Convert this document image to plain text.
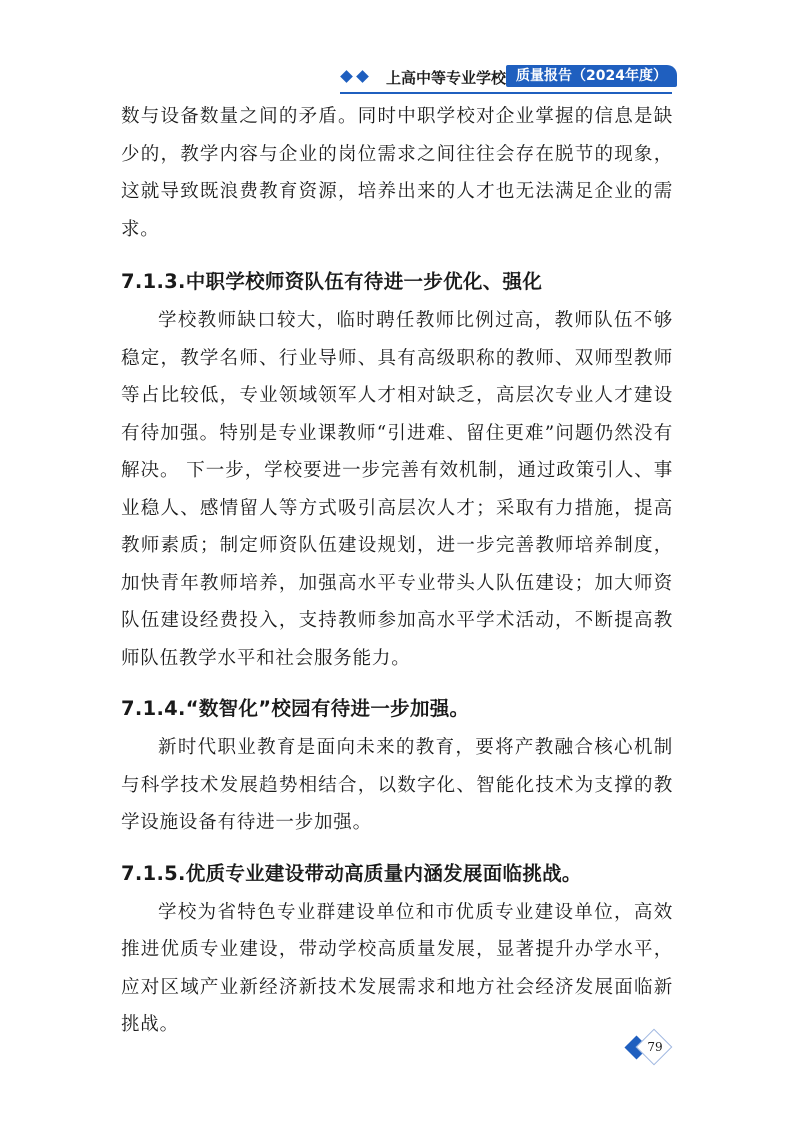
上高中等专业学校 质量报告（2024年度）

数与设备数量之间的矛盾。同时中职学校对企业掌握的信息是缺少的，教学内容与企业的岗位需求之间往往会存在脱节的现象，这就导致既浪费教育资源，培养出来的人才也无法满足企业的需求。

7.1.3.中职学校师资队伍有待进一步优化、强化

学校教师缺口较大，临时聘任教师比例过高，教师队伍不够稳定，教学名师、行业导师、具有高级职称的教师、双师型教师等占比较低，专业领域领军人才相对缺乏，高层次专业人才建设有待加强。特别是专业课教师“引进难、留住更难”问题仍然没有解决。 下一步，学校要进一步完善有效机制，通过政策引人、事业稳人、感情留人等方式吸引高层次人才；采取有力措施，提高教师素质；制定师资队伍建设规划，进一步完善教师培养制度，加快青年教师培养，加强高水平专业带头人队伍建设；加大师资队伍建设经费投入，支持教师参加高水平学术活动，不断提高教师队伍教学水平和社会服务能力。

7.1.4.“数智化”校园有待进一步加强。

新时代职业教育是面向未来的教育，要将产教融合核心机制与科学技术发展趋势相结合，以数字化、智能化技术为支撑的教学设施设备有待进一步加强。

7.1.5.优质专业建设带动高质量内涵发展面临挑战。

学校为省特色专业群建设单位和市优质专业建设单位，高效推进优质专业建设，带动学校高质量发展，显著提升办学水平，应对区域产业新经济新技术发展需求和地方社会经济发展面临新挑战。

79
